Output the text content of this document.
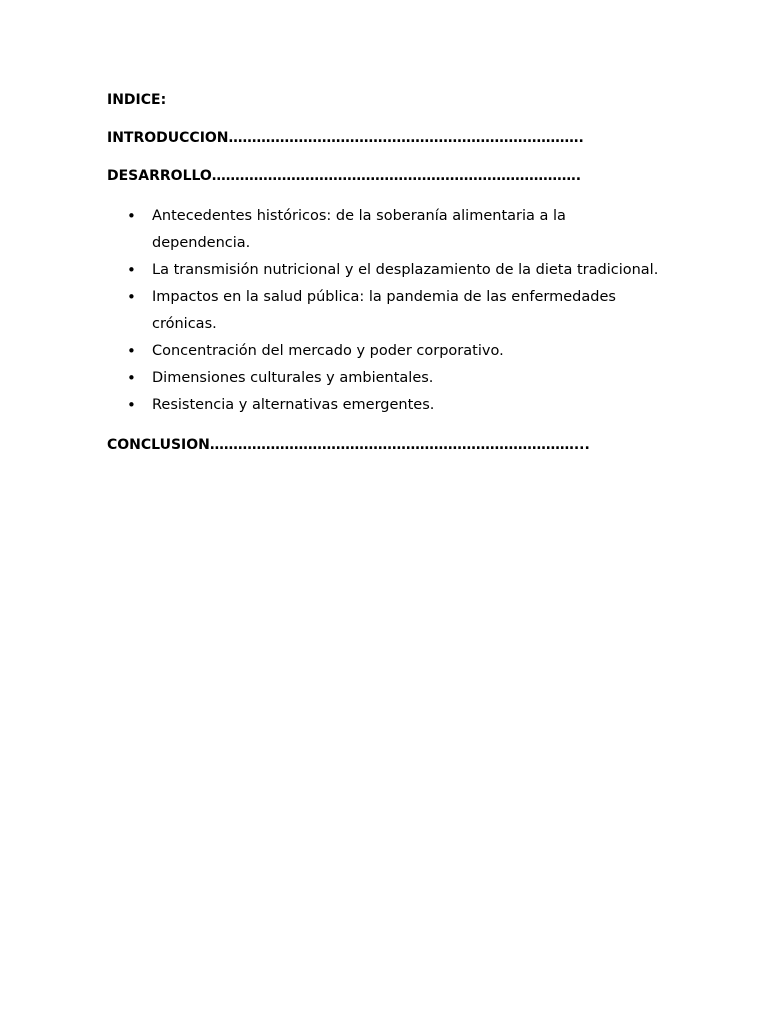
INDICE:

INTRODUCCION………………………………………………………………….

DESARROLLO…………………………………………………………………….

• Antecedentes históricos: de la soberanía alimentaria a la dependencia.
• La transmisión nutricional y el desplazamiento de la dieta tradicional.
• Impactos en la salud pública: la pandemia de las enfermedades crónicas.
• Concentración del mercado y poder corporativo.
• Dimensiones culturales y ambientales.
• Resistencia y alternativas emergentes.

CONCLUSION……………………………………………………………………...
